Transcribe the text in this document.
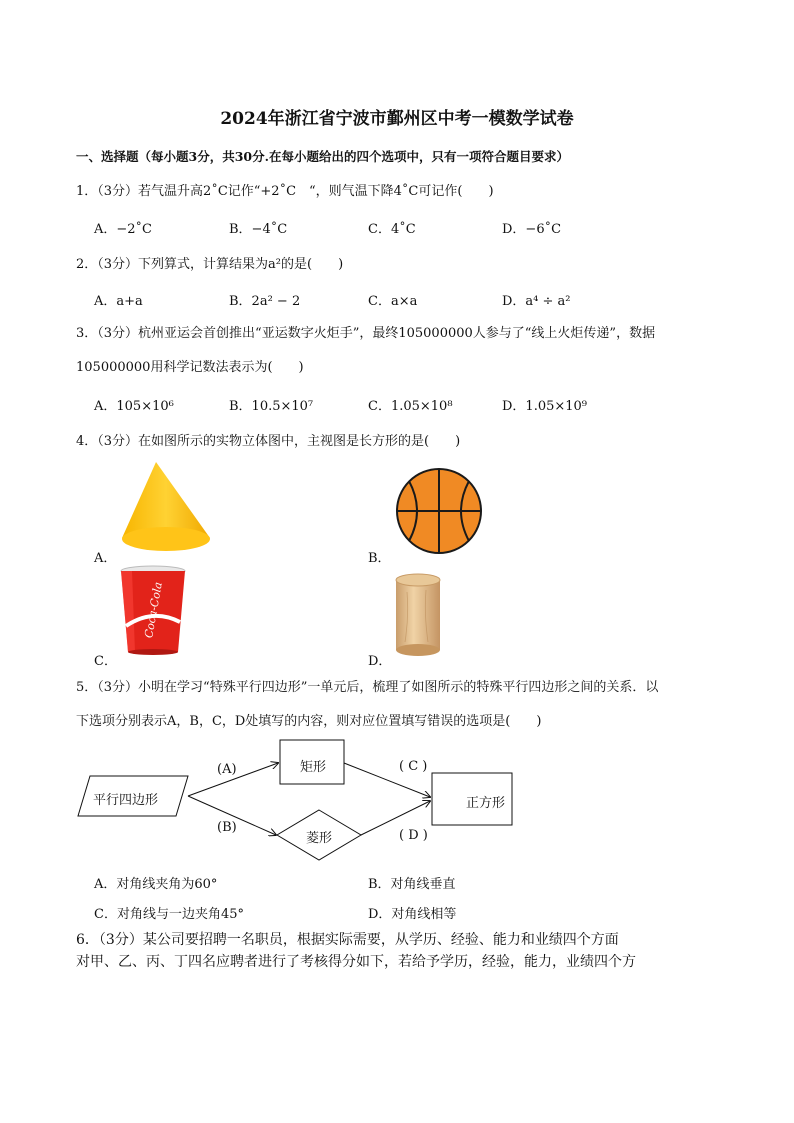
2024年浙江省宁波市鄞州区中考一模数学试卷
一、选择题（每小题3分，共30分.在每小题给出的四个选项中，只有一项符合题目要求）
1．（3分）若气温升高2˚C记作“+2˚C　“，则气温下降4˚C可记作(　　)
A．−2˚C	B．−4˚C	C．4˚C	D．−6˚C
2．（3分）下列算式，计算结果为a²的是(　　)
A．a+a	B．2a² − 2	C．a×a	D．a⁴ ÷ a²
3．（3分）杭州亚运会首创推出“亚运数字火炬手”，最终105000000人参与了“线上火炬传递”，数据
105000000用科学记数法表示为(　　)
A．105×10⁶	B．10.5×10⁷	C．1.05×10⁸	D．1.05×10⁹
4．（3分）在如图所示的实物立体图中，主视图是长方形的是(　　)
A．	B．
C．
Coca-Cola
D．
5．（3分）小明在学习“特殊平行四边形”一单元后，梳理了如图所示的特殊平行四边形之间的关系．以
下选项分别表示A，B，C，D处填写的内容，则对应位置填写错误的选项是(　　)
平行四边形
矩形
菱形
正方形
(A)
(B)
( C )
( D )
A．对角线夹角为60°	B．对角线垂直
C．对角线与一边夹角45°	D．对角线相等
6．（3分）某公司要招聘一名职员，根据实际需要，从学历、经验、能力和业绩四个方面
对甲、乙、丙、丁四名应聘者进行了考核得分如下，若给予学历，经验，能力，业绩四个方
